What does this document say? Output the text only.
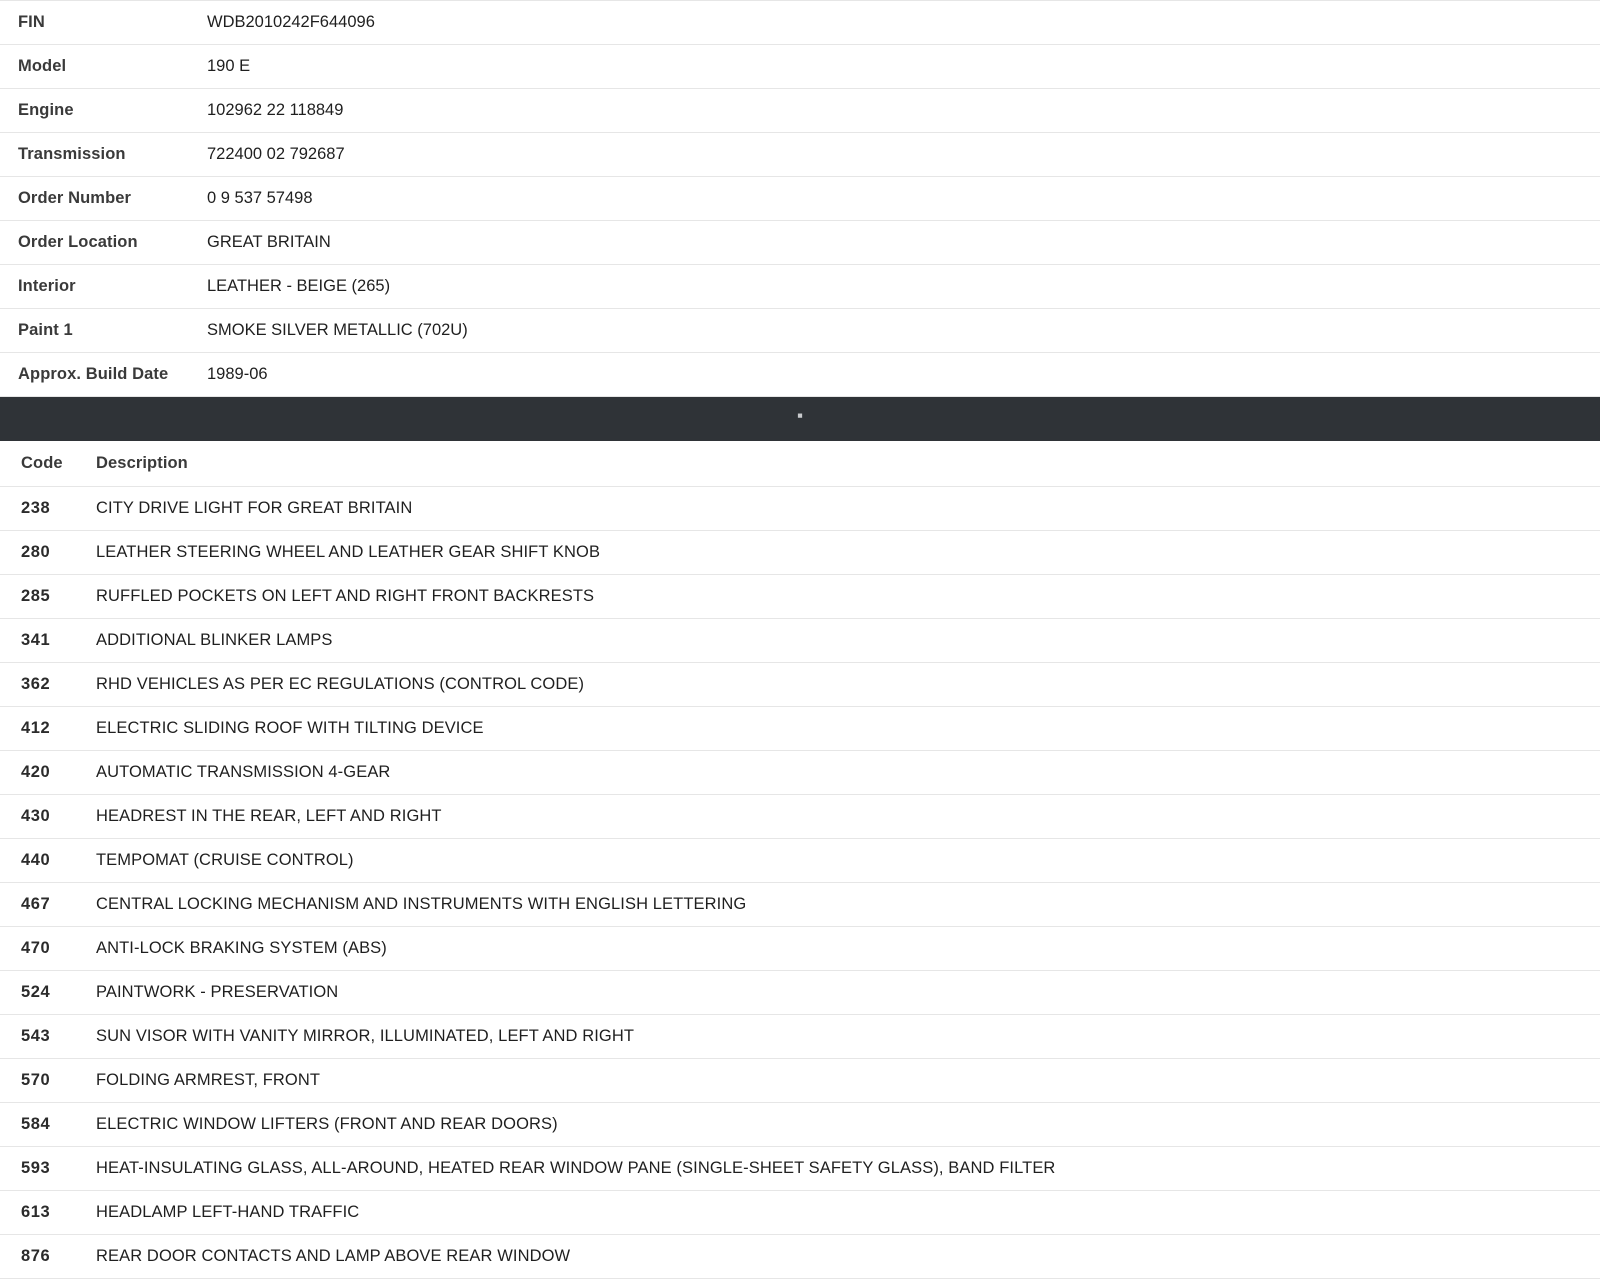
FIN	WDB2010242F644096
Model	190 E
Engine	102962 22 118849
Transmission	722400 02 792687
Order Number	0 9 537 57498
Order Location	GREAT BRITAIN
Interior	LEATHER - BEIGE (265)
Paint 1	SMOKE SILVER METALLIC (702U)
Approx. Build Date	1989-06
▪
Code	Description
238	CITY DRIVE LIGHT FOR GREAT BRITAIN
280	LEATHER STEERING WHEEL AND LEATHER GEAR SHIFT KNOB
285	RUFFLED POCKETS ON LEFT AND RIGHT FRONT BACKRESTS
341	ADDITIONAL BLINKER LAMPS
362	RHD VEHICLES AS PER EC REGULATIONS (CONTROL CODE)
412	ELECTRIC SLIDING ROOF WITH TILTING DEVICE
420	AUTOMATIC TRANSMISSION 4-GEAR
430	HEADREST IN THE REAR, LEFT AND RIGHT
440	TEMPOMAT (CRUISE CONTROL)
467	CENTRAL LOCKING MECHANISM AND INSTRUMENTS WITH ENGLISH LETTERING
470	ANTI-LOCK BRAKING SYSTEM (ABS)
524	PAINTWORK - PRESERVATION
543	SUN VISOR WITH VANITY MIRROR, ILLUMINATED, LEFT AND RIGHT
570	FOLDING ARMREST, FRONT
584	ELECTRIC WINDOW LIFTERS (FRONT AND REAR DOORS)
593	HEAT-INSULATING GLASS, ALL-AROUND, HEATED REAR WINDOW PANE (SINGLE-SHEET SAFETY GLASS), BAND FILTER
613	HEADLAMP LEFT-HAND TRAFFIC
876	REAR DOOR CONTACTS AND LAMP ABOVE REAR WINDOW
